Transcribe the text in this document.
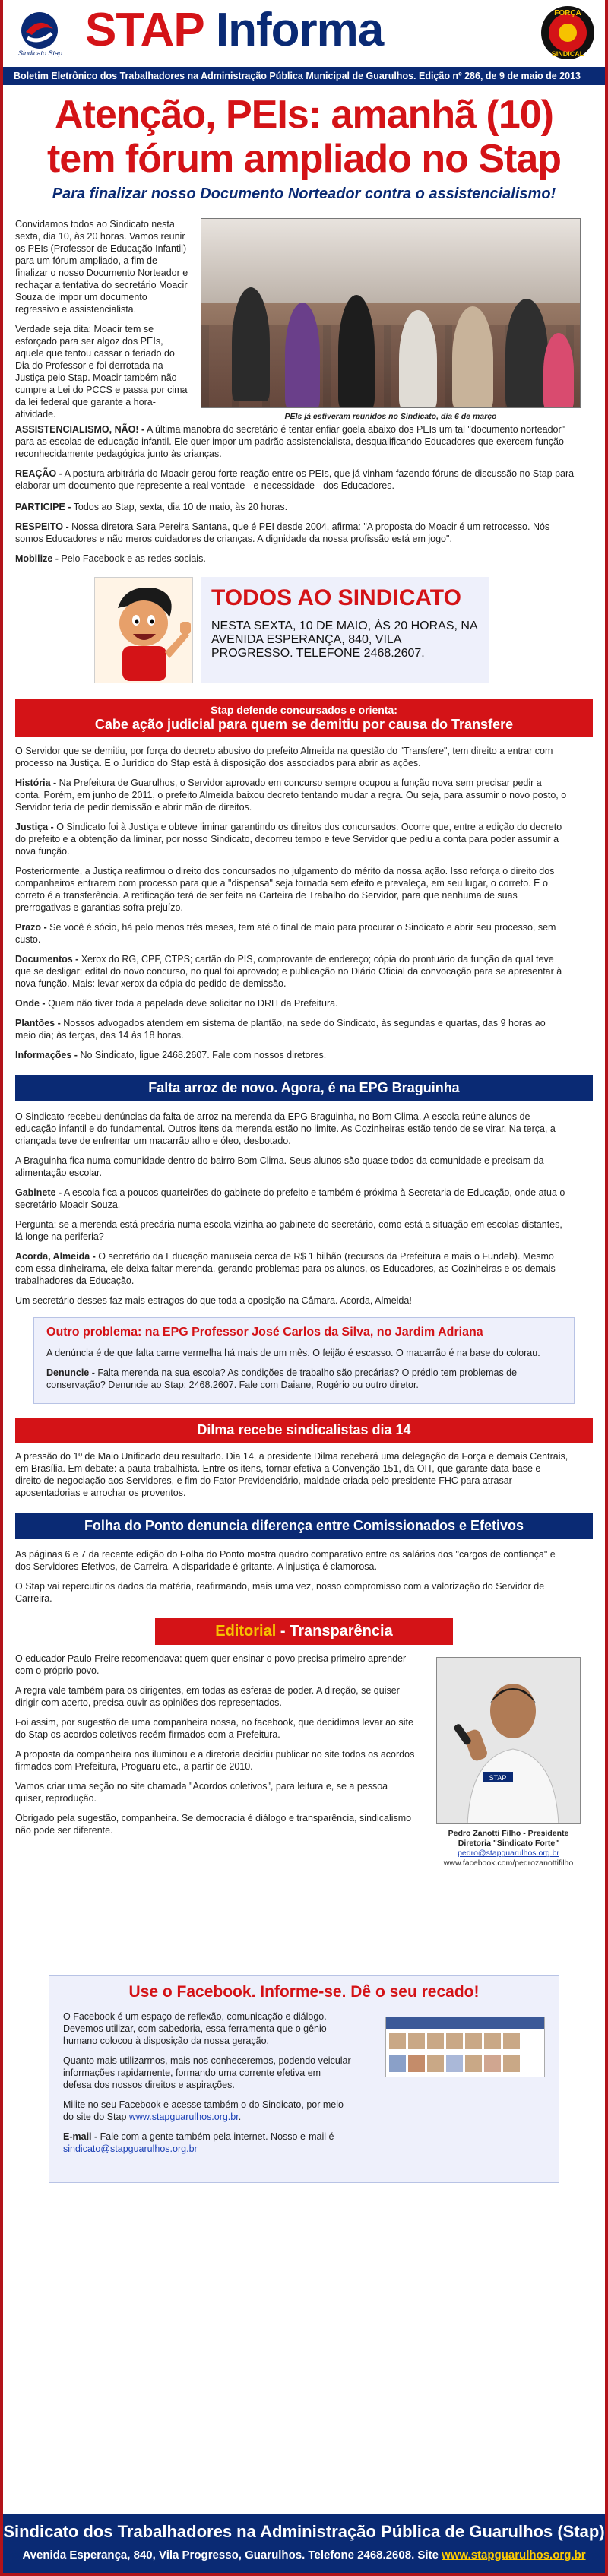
Sindicato Stap STAP Informa	FORÇA
SINDICAL
Boletim Eletrônico dos Trabalhadores na Administração Pública Municipal de Guarulhos. Edição nº 286, de 9 de maio de 2013
Atenção, PEIs: amanhã (10)
tem fórum ampliado no Stap
Para finalizar nosso Documento Norteador contra o assistencialismo!

Convidamos todos ao Sindicato nesta sexta, dia 10, às 20 horas. Vamos reunir os PEIs (Professor de Educação Infantil) para um fórum ampliado, a fim de finalizar o nosso Documento Norteador e rechaçar a tentativa do secretário Moacir Souza de impor um documento regressivo e assistencialista.

Verdade seja dita: Moacir tem se esforçado para ser algoz dos PEIs, aquele que tentou cassar o feriado do Dia do Professor e foi derrotada na Justiça pelo Stap. Moacir também não cumpre a Lei do PCCS e passa por cima da lei federal que garante a hora-atividade.	PEIs já estiveram reunidos no Sindicato, dia 6 de março

ASSISTENCIALISMO, NÃO! - A última manobra do secretário é tentar enfiar goela abaixo dos PEIs um tal "documento norteador" para as escolas de educação infantil. Ele quer impor um padrão assistencialista, desqualificando Educadores que exercem função reconhecidamente pedagógica junto às crianças.

REAÇÃO - A postura arbitrária do Moacir gerou forte reação entre os PEIs, que já vinham fazendo fóruns de discussão no Stap para elaborar um documento que represente a real vontade - e necessidade - dos Educadores.

PARTICIPE - Todos ao Stap, sexta, dia 10 de maio, às 20 horas.

RESPEITO - Nossa diretora Sara Pereira Santana, que é PEI desde 2004, afirma: "A proposta do Moacir é um retrocesso. Nós somos Educadores e não meros cuidadores de crianças. A dignidade da nossa profissão está em jogo".

Mobilize - Pelo Facebook e as redes sociais.

TODOS AO SINDICATO
NESTA SEXTA, 10 DE MAIO, ÀS 20 HORAS, NA AVENIDA ESPERANÇA, 840, VILA PROGRESSO. TELEFONE 2468.2607.
Stap defende concursados e orienta:
Cabe ação judicial para quem se demitiu por causa do Transfere

O Servidor que se demitiu, por força do decreto abusivo do prefeito Almeida na questão do "Transfere", tem direito a entrar com processo na Justiça. E o Jurídico do Stap está à disposição dos associados para abrir as ações.

História - Na Prefeitura de Guarulhos, o Servidor aprovado em concurso sempre ocupou a função nova sem precisar pedir a conta. Porém, em junho de 2011, o prefeito Almeida baixou decreto tentando mudar a regra. Ou seja, para assumir o novo posto, o Servidor teria de pedir demissão e abrir mão de direitos.

Justiça - O Sindicato foi à Justiça e obteve liminar garantindo os direitos dos concursados. Ocorre que, entre a edição do decreto do prefeito e a obtenção da liminar, por nosso Sindicato, decorreu tempo e teve Servidor que pediu a conta para poder assumir a nova função.

Posteriormente, a Justiça reafirmou o direito dos concursados no julgamento do mérito da nossa ação. Isso reforça o direito dos companheiros entrarem com processo para que a "dispensa" seja tornada sem efeito e prevaleça, em seu lugar, o correto. E o correto é a transferência. A retificação terá de ser feita na Carteira de Trabalho do Servidor, para que nenhuma de suas prerrogativas e garantias sofra prejuízo.

Prazo - Se você é sócio, há pelo menos três meses, tem até o final de maio para procurar o Sindicato e abrir seu processo, sem custo.

Documentos - Xerox do RG, CPF, CTPS; cartão do PIS, comprovante de endereço; cópia do prontuário da função da qual teve que se desligar; edital do novo concurso, no qual foi aprovado; e publicação no Diário Oficial da convocação para se apresentar à nova função. Mais: levar xerox da cópia do pedido de demissão.

Onde - Quem não tiver toda a papelada deve solicitar no DRH da Prefeitura.

Plantões - Nossos advogados atendem em sistema de plantão, na sede do Sindicato, às segundas e quartas, das 9 horas ao meio dia; às terças, das 14 às 18 horas.

Informações - No Sindicato, ligue 2468.2607. Fale com nossos diretores.

Falta arroz de novo. Agora, é na EPG Braguinha

O Sindicato recebeu denúncias da falta de arroz na merenda da EPG Braguinha, no Bom Clima. A escola reúne alunos de educação infantil e do fundamental. Outros itens da merenda estão no limite. As Cozinheiras estão tendo de se virar. Na terça, a criançada teve de enfrentar um macarrão alho e óleo, desbotado.

A Braguinha fica numa comunidade dentro do bairro Bom Clima. Seus alunos são quase todos da comunidade e precisam da alimentação escolar.

Gabinete - A escola fica a poucos quarteirões do gabinete do prefeito e também é próxima à Secretaria de Educação, onde atua o secretário Moacir Souza.

Pergunta: se a merenda está precária numa escola vizinha ao gabinete do secretário, como está a situação em escolas distantes, lá longe na periferia?

Acorda, Almeida - O secretário da Educação manuseia cerca de R$ 1 bilhão (recursos da Prefeitura e mais o Fundeb). Mesmo com essa dinheirama, ele deixa faltar merenda, gerando problemas para os alunos, os Educadores, as Cozinheiras e os demais trabalhadores da Educação.

Um secretário desses faz mais estragos do que toda a oposição na Câmara. Acorda, Almeida!

Outro problema: na EPG Professor José Carlos da Silva, no Jardim Adriana

A denúncia é de que falta carne vermelha há mais de um mês. O feijão é escasso. O macarrão é na base do colorau.

Denuncie - Falta merenda na sua escola? As condições de trabalho são precárias? O prédio tem problemas de conservação? Denuncie ao Stap: 2468.2607. Fale com Daiane, Rogério ou outro diretor.

Dilma recebe sindicalistas dia 14

A pressão do 1º de Maio Unificado deu resultado. Dia 14, a presidente Dilma receberá uma delegação da Força e demais Centrais, em Brasília. Em debate: a pauta trabalhista. Entre os itens, tornar efetiva a Convenção 151, da OIT, que garante data-base e direito de negociação aos Servidores, e fim do Fator Previdenciário, maldade criada pelo presidente FHC para atrasar aposentadorias e arrochar os proventos.

Folha do Ponto denuncia diferença entre Comissionados e Efetivos

As páginas 6 e 7 da recente edição do Folha do Ponto mostra quadro comparativo entre os salários dos "cargos de confiança" e dos Servidores Efetivos, de Carreira. A disparidade é gritante. A injustiça é clamorosa.

O Stap vai repercutir os dados da matéria, reafirmando, mais uma vez, nosso compromisso com a valorização do Servidor de Carreira.

Editorial - Transparência

O educador Paulo Freire recomendava: quem quer ensinar o povo precisa primeiro aprender com o próprio povo.

A regra vale também para os dirigentes, em todas as esferas de poder. A direção, se quiser dirigir com acerto, precisa ouvir as opiniões dos representados.

Foi assim, por sugestão de uma companheira nossa, no facebook, que decidimos levar ao site do Stap os acordos coletivos recém-firmados com a Prefeitura.

A proposta da companheira nos iluminou e a diretoria decidiu publicar no site todos os acordos firmados com Prefeitura, Proguaru etc., a partir de 2010.

Vamos criar uma seção no site chamada "Acordos coletivos", para leitura e, se a pessoa quiser, reprodução.

Obrigado pela sugestão, companheira. Se democracia é diálogo e transparência, sindicalismo não pode ser diferente.

STAP
Pedro Zanotti Filho - Presidente
Diretoria "Sindicato Forte"
pedro@stapguarulhos.org.br
www.facebook.com/pedrozanottifilho
Use o Facebook. Informe-se. Dê o seu recado!

O Facebook é um espaço de reflexão, comunicação e diálogo. Devemos utilizar, com sabedoria, essa ferramenta que o gênio humano colocou à disposição da nossa geração.

Quanto mais utilizarmos, mais nos conheceremos, podendo veicular informações rapidamente, formando uma corrente efetiva em defesa dos nossos direitos e aspirações.

Milite no seu Facebook e acesse também o do Sindicato, por meio do site do Stap www.stapguarulhos.org.br.

E-mail - Fale com a gente também pela internet. Nosso e-mail é sindicato@stapguarulhos.org.br

Sindicato dos Trabalhadores na Administração Pública de Guarulhos (Stap)
Avenida Esperança, 840, Vila Progresso, Guarulhos. Telefone 2468.2608. Site www.stapguarulhos.org.br
